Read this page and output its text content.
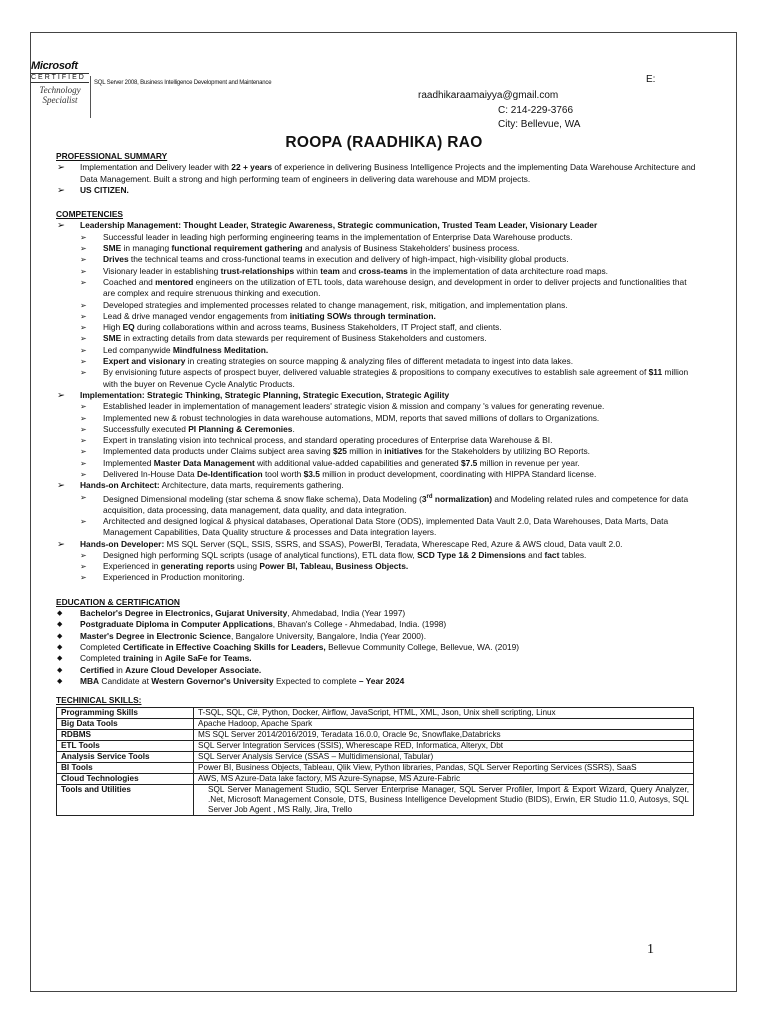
Microsoft
CERTIFIED
Technology
Specialist
SQL Server 2008, Business Intelligence Development and Maintenance	E:
raadhikaraamaiyya@gmail.com
C: 214-229-3766
City: Bellevue, WA
ROOPA (RAADHIKA) RAO
PROFESSIONAL SUMMARY
➢ Implementation and Delivery leader with 22 + years of experience in delivering Business Intelligence Projects and the implementing Data Warehouse Architecture and Data Management. Built a strong and high performing team of engineers in delivering data warehouse and MDM projects.
➢ US CITIZEN.
COMPETENCIES
➢ Leadership Management: Thought Leader, Strategic Awareness, Strategic communication, Trusted Team Leader, Visionary Leader
➢ Successful leader in leading high performing engineering teams in the implementation of Enterprise Data Warehouse products.
➢ SME in managing functional requirement gathering and analysis of Business Stakeholders' business process.
➢ Drives the technical teams and cross-functional teams in execution and delivery of high-impact, high-visibility global products.
➢ Visionary leader in establishing trust-relationships within team and cross-teams in the implementation of data architecture road maps.
➢ Coached and mentored engineers on the utilization of ETL tools, data warehouse design, and development in order to deliver projects and functionalities that are complex and require strenuous thinking and execution.
➢ Developed strategies and implemented processes related to change management, risk, mitigation, and implementation plans.
➢ Lead & drive managed vendor engagements from initiating SOWs through termination.
➢ High EQ during collaborations within and across teams, Business Stakeholders, IT Project staff, and clients.
➢ SME in extracting details from data stewards per requirement of Business Stakeholders and customers.
➢ Led companywide Mindfulness Meditation.
➢ Expert and visionary in creating strategies on source mapping & analyzing files of different metadata to ingest into data lakes.
➢ By envisioning future aspects of prospect buyer, delivered valuable strategies & propositions to company executives to establish sale agreement of $11 million with the buyer on Revenue Cycle Analytic Products.
➢ Implementation: Strategic Thinking, Strategic Planning, Strategic Execution, Strategic Agility
➢ Established leader in implementation of management leaders' strategic vision & mission and company 's values for generating revenue.
➢ Implemented new & robust technologies in data warehouse automations, MDM, reports that saved millions of dollars to Organizations.
➢ Successfully executed PI Planning & Ceremonies.
➢ Expert in translating vision into technical process, and standard operating procedures of Enterprise data Warehouse & BI.
➢ Implemented data products under Claims subject area saving $25 million in initiatives for the Stakeholders by utilizing BO Reports.
➢ Implemented Master Data Management with additional value-added capabilities and generated $7.5 million in revenue per year.
➢ Delivered In-House Data De-Identification tool worth $3.5 million in product development, coordinating with HIPPA Standard license.
➢ Hands-on Architect: Architecture, data marts, requirements gathering.
➢ Designed Dimensional modeling (star schema & snow flake schema), Data Modeling (3rd normalization) and Modeling related rules and competence for data acquisition, data processing, data management, data quality, and data integration.
➢ Architected and designed logical & physical databases, Operational Data Store (ODS), implemented Data Vault 2.0, Data Warehouses, Data Marts, Data Management Capabilities, Data Quality structure & processes and Data integration layers.
➢ Hands-on Developer: MS SQL Server (SQL, SSIS, SSRS, and SSAS), PowerBI, Teradata, Wherescape Red, Azure & AWS cloud, Data vault 2.0.
➢ Designed high performing SQL scripts (usage of analytical functions), ETL data flow, SCD Type 1& 2 Dimensions and fact tables.
➢ Experienced in generating reports using Power BI, Tableau, Business Objects.
➢ Experienced in Production monitoring.
EDUCATION & CERTIFICATION
◆ Bachelor's Degree in Electronics, Gujarat University, Ahmedabad, India (Year 1997)
◆ Postgraduate Diploma in Computer Applications, Bhavan's College - Ahmedabad, India. (1998)
◆ Master's Degree in Electronic Science, Bangalore University, Bangalore, India (Year 2000).
◆ Completed Certificate in Effective Coaching Skills for Leaders, Bellevue Community College, Bellevue, WA. (2019)
◆ Completed training in Agile SaFe for Teams.
◆ Certified in Azure Cloud Developer Associate.
◆ MBA Candidate at Western Governor's University Expected to complete – Year 2024
TECHINICAL SKILLS:
Programming Skills	T-SQL, SQL, C#, Python, Docker, Airflow, JavaScript, HTML, XML, Json, Unix shell scripting, Linux
Big Data Tools	Apache Hadoop, Apache Spark
RDBMS	MS SQL Server 2014/2016/2019, Teradata 16.0.0, Oracle 9c, Snowflake,Databricks
ETL Tools	SQL Server Integration Services (SSIS), Wherescape RED, Informatica, Alteryx, Dbt
Analysis Service Tools	SQL Server Analysis Service (SSAS – Multidimensional, Tabular)
BI Tools	Power BI, Business Objects, Tableau, Qlik View, Python libraries, Pandas, SQL Server Reporting Services (SSRS), SaaS
Cloud Technologies	AWS, MS Azure-Data lake factory, MS Azure-Synapse, MS Azure-Fabric
Tools and Utilities	SQL Server Management Studio, SQL Server Enterprise Manager, SQL Server Profiler, Import & Export Wizard, Query Analyzer, .Net, Microsoft Management Console, DTS, Business Intelligence Development Studio (BIDS), Erwin, ER Studio 11.0, Autosys, SQL Server Job Agent , MS Rally, Jira, Trello
1
